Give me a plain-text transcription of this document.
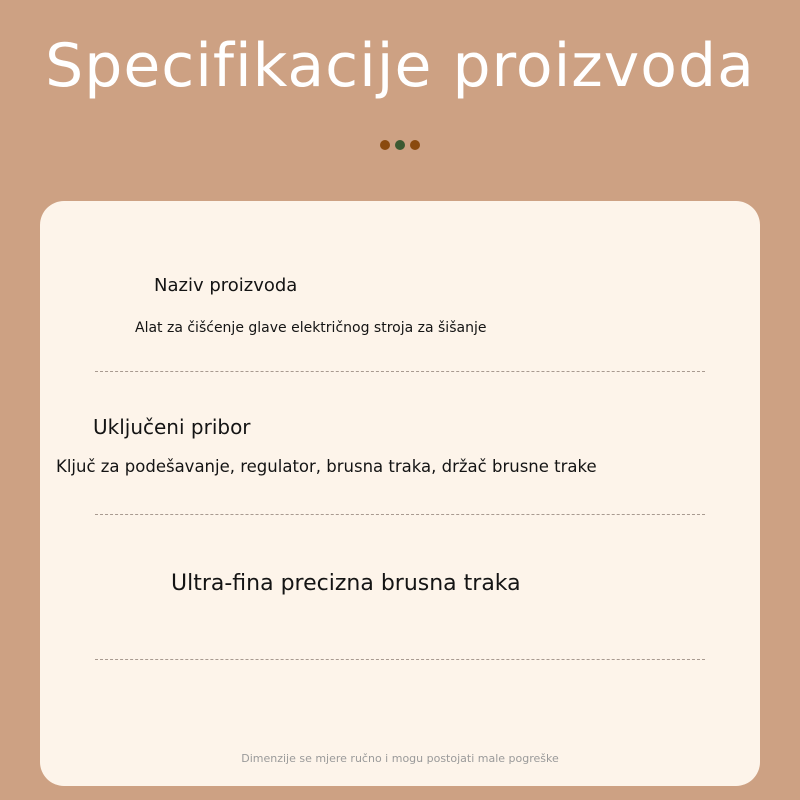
Specifikacije proizvoda
Naziv proizvoda
Alat za čišćenje glave električnog stroja za šišanje
Uključeni pribor
Ključ za podešavanje, regulator, brusna traka, držač brusne trake
Ultra-fina precizna brusna traka
Dimenzije se mjere ručno i mogu postojati male pogreške
